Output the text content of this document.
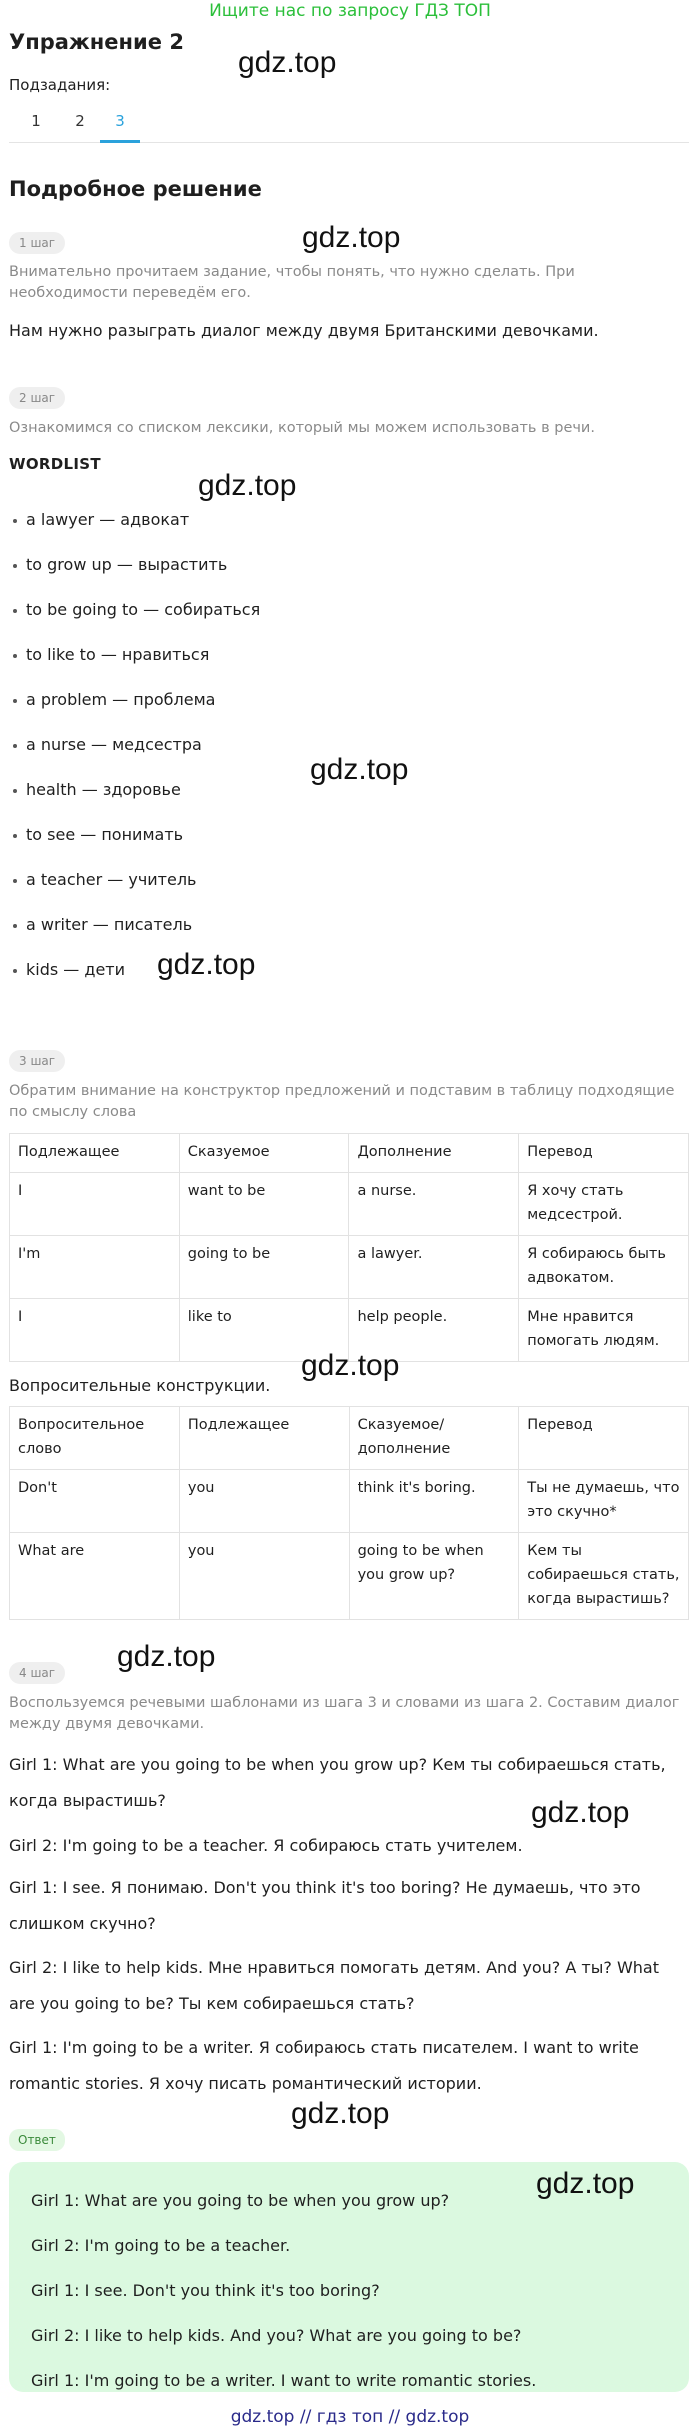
Ищите нас по запросу ГДЗ ТОП
Упражнение 2
gdz.top
Подзадания:
1	2	3
Подробное решение
1 шаг	gdz.top
Внимательно прочитаем задание, чтобы понять, что нужно сделать. При необходимости переведём его.
Нам нужно разыграть диалог между двумя Британскими девочками.
2 шаг
Ознакомимся со списком лексики, который мы можем использовать в речи.
WORDLIST
gdz.top
a lawyer — адвокат
to grow up — вырастить
to be going to — собираться
to like to — нравиться
a problem — проблема
a nurse — медсестра
health — здоровье
gdz.top
to see — понимать
a teacher — учитель
a writer — писатель
kids — дети gdz.top
3 шаг
Обратим внимание на конструктор предложений и подставим в таблицу подходящие по смыслу слова
Подлежащее	Сказуемое	Дополнение	Перевод
I	want to be	a nurse.	Я хочу стать медсестрой.
I'm	going to be	a lawyer.	Я собираюсь быть адвокатом.
I	like to	help people.	Мне нравится помогать людям.
gdz.top
Вопросительные конструкции.
Вопросительное слово	Подлежащее	Сказуемое/ дополнение	Перевод
Don't	you	think it's boring.	Ты не думаешь, что это скучно*
What are	you	going to be when you grow up?	Кем ты собираешься стать, когда вырастишь?
4 шаг	gdz.top
Воспользуемся речевыми шаблонами из шага 3 и словами из шага 2. Составим диалог между двумя девочками.
Girl 1: What are you going to be when you grow up? Кем ты собираешься стать, когда вырастишь?	gdz.top
Girl 2: I'm going to be a teacher. Я собираюсь стать учителем.
Girl 1: I see. Я понимаю. Don't you think it's too boring? Не думаешь, что это слишком скучно?
Girl 2: I like to help kids. Мне нравиться помогать детям. And you? А ты? What are you going to be? Ты кем собираешься стать?
Girl 1: I'm going to be a writer. Я собираюсь стать писателем. I want to write romantic stories. Я хочу писать романтический истории.
gdz.top
Ответ
Girl 1: What are you going to be when you grow up?
Girl 2: I'm going to be a teacher.
Girl 1: I see. Don't you think it's too boring?
Girl 2: I like to help kids. And you? What are you going to be?
Girl 1: I'm going to be a writer. I want to write romantic stories.
gdz.top
gdz.top // гдз топ // gdz.top
